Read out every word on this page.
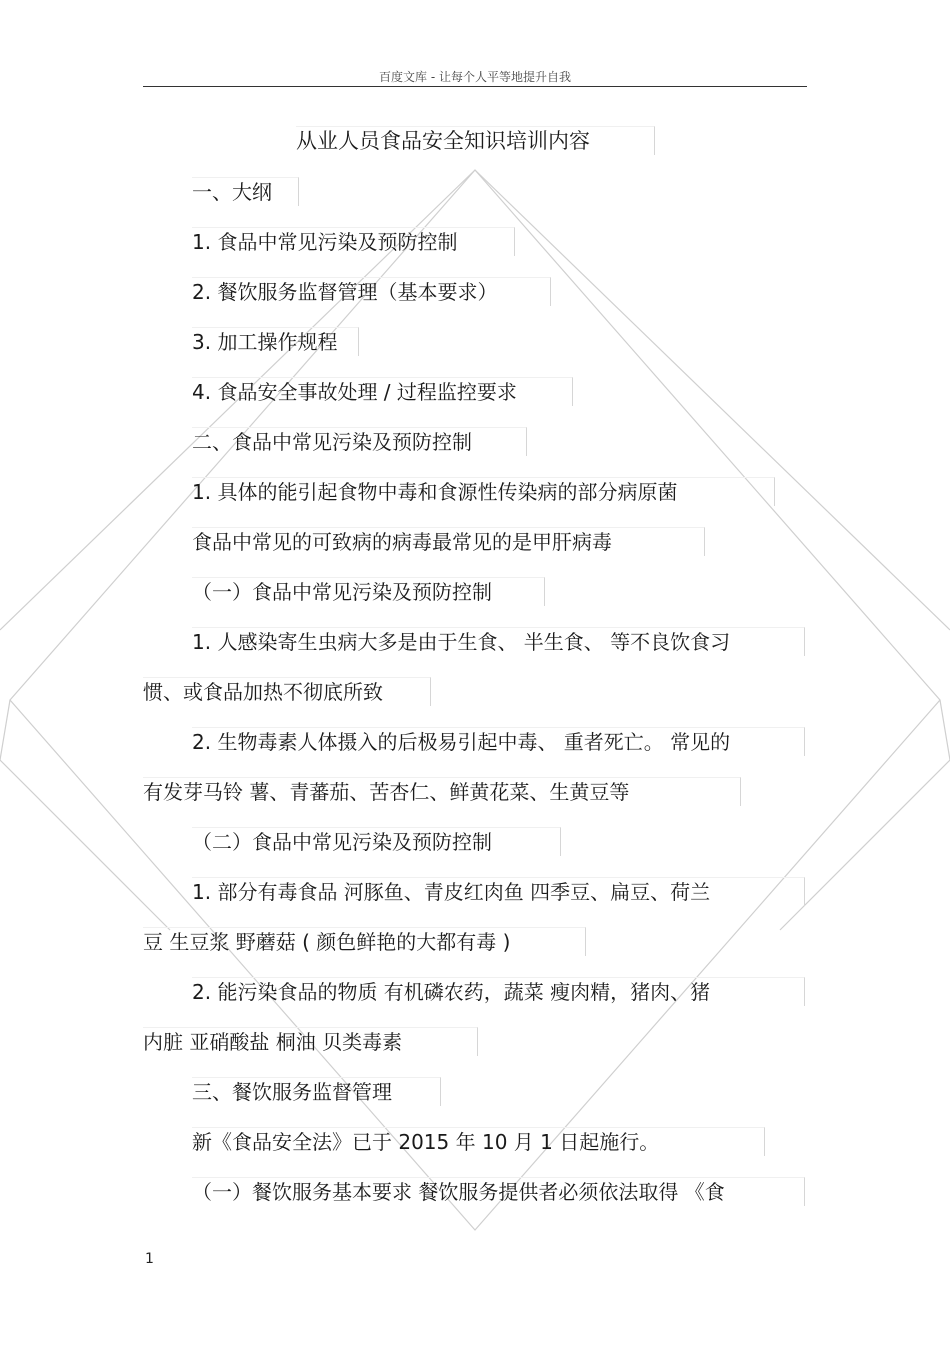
百度文库 - 让每个人平等地提升自我
从业人员食品安全知识培训内容
一、大纲
1. 食品中常见污染及预防控制
2. 餐饮服务监督管理（基本要求）
3. 加工操作规程
4. 食品安全事故处理 / 过程监控要求
二、食品中常见污染及预防控制
1. 具体的能引起食物中毒和食源性传染病的部分病原菌
食品中常见的可致病的病毒最常见的是甲肝病毒
（一）食品中常见污染及预防控制
1. 人感染寄生虫病大多是由于生食、 半生食、 等不良饮食习
惯、或食品加热不彻底所致
2. 生物毒素人体摄入的后极易引起中毒、 重者死亡。 常见的
有发芽马铃 薯、青蕃茄、苦杏仁、鲜黄花菜、生黄豆等
（二）食品中常见污染及预防控制
1. 部分有毒食品 河豚鱼、青皮红肉鱼 四季豆、扁豆、荷兰
豆 生豆浆 野蘑菇 ( 颜色鲜艳的大都有毒 )
2. 能污染食品的物质 有机磷农药，蔬菜 瘦肉精，猪肉、猪
内脏 亚硝酸盐 桐油 贝类毒素
三、餐饮服务监督管理
新《食品安全法》已于 2015 年 10 月 1 日起施行。
（一）餐饮服务基本要求 餐饮服务提供者必须依法取得 《食
1
